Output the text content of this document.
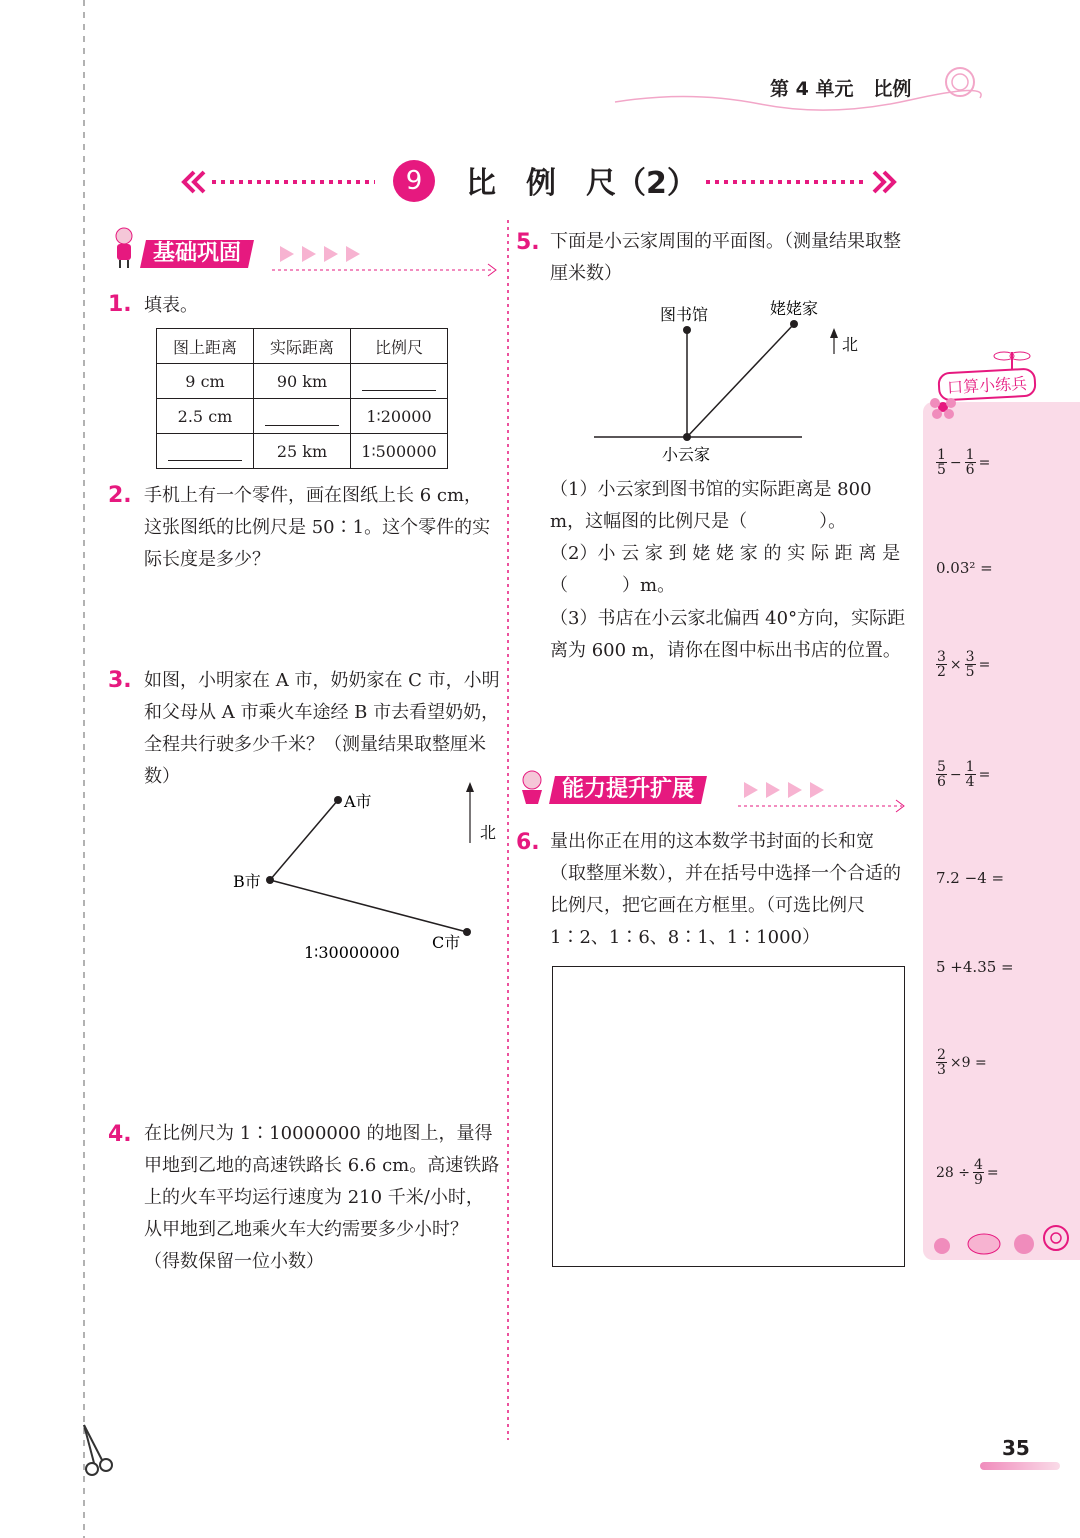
第 4 单元 比例
9	比　例　尺（2）
基础巩固
1. 填表。
图上距离	实际距离	比例尺
9 cm	90 km	
2.5 cm		1∶20000
	25 km	1∶500000
2. 手机上有一个零件，画在图纸上长 6 cm，这张图纸的比例尺是 50∶1。这个零件的实际长度是多少？
3. 如图，小明家在 A 市，奶奶家在 C 市，小明和父母从 A 市乘火车途经 B 市去看望奶奶，全程共行驶多少千米？（测量结果取整厘米数）
A市
B市
C市
北
1∶30000000
4. 在比例尺为 1∶10000000 的地图上，量得甲地到乙地的高速铁路长 6.6 cm。高速铁路上的火车平均运行速度为 210 千米/小时，从甲地到乙地乘火车大约需要多少小时？（得数保留一位小数）
5. 下面是小云家周围的平面图。（测量结果取整厘米数）
图书馆	姥姥家
小云家
北
（1）小云家到图书馆的实际距离是 800 m，这幅图的比例尺是（　　　　）。
（2）小 云 家 到 姥 姥 家 的 实 际 距 离 是（　　　）m。
（3）书店在小云家北偏西 40°方向，实际距离为 600 m，请你在图中标出书店的位置。
能力提升扩展
6. 量出你正在用的这本数学书封面的长和宽（取整厘米数），并在括号中选择一个合适的比例尺，把它画在方框里。（可选比例尺 1∶2、1∶6、8∶1、1∶1000）
口算小练兵
$\frac{1}{5} - \frac{1}{6}$ =
0.03² =
$\frac{3}{2} \times \frac{3}{5}$ =
$\frac{5}{6} - \frac{1}{4}$ =
7.2 −4 =
5 +4.35 =
$\frac{2}{3} \times 9$ =
$28 \div \frac{4}{9}$ =
35
